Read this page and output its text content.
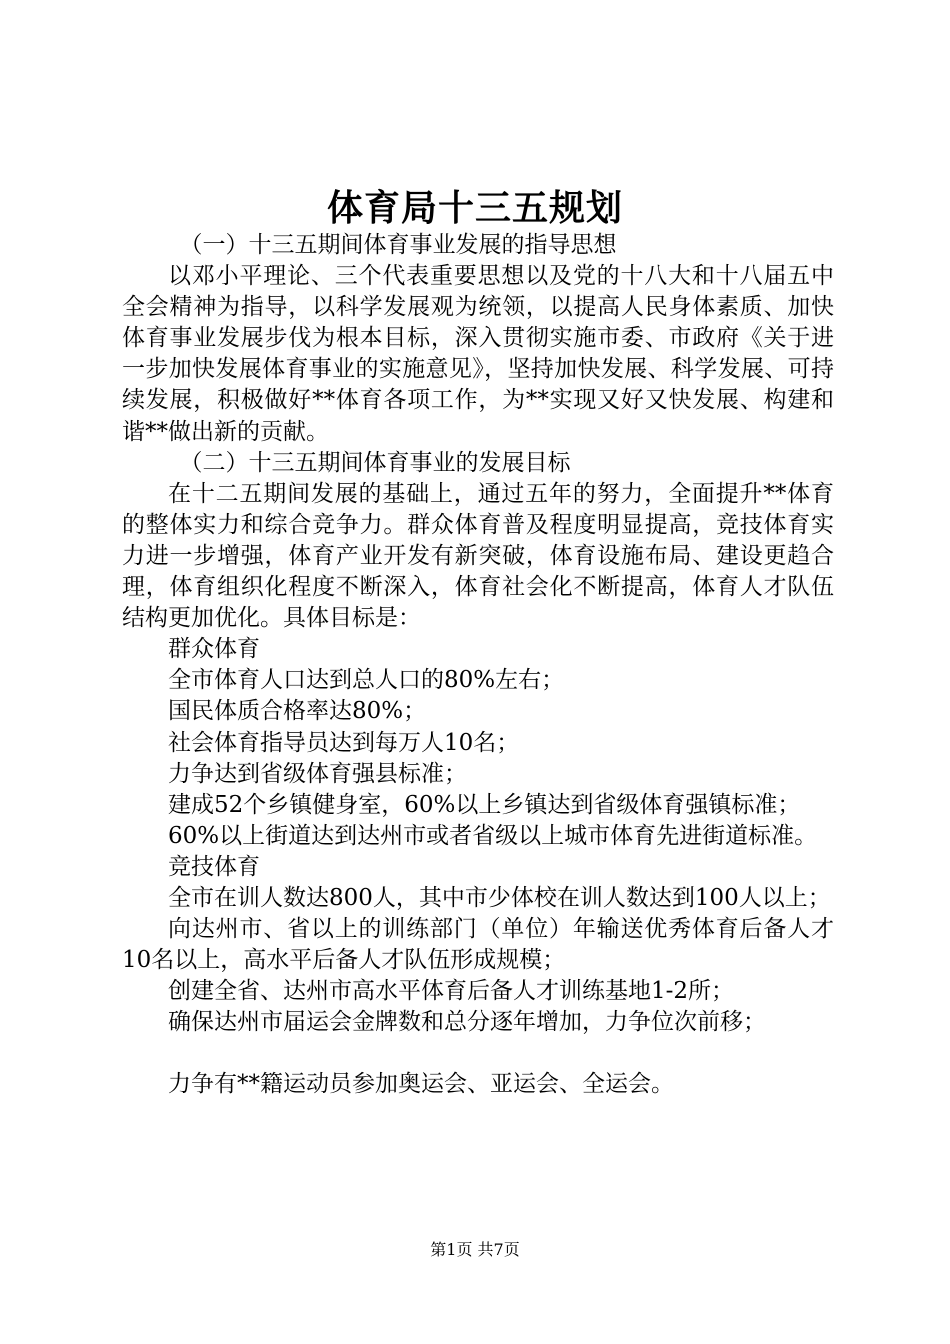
体育局十三五规划

（一）十三五期间体育事业发展的指导思想

以邓小平理论、三个代表重要思想以及党的十八大和十八届五中全会精神为指导，以科学发展观为统领，以提高人民身体素质、加快体育事业发展步伐为根本目标，深入贯彻实施市委、市政府《关于进一步加快发展体育事业的实施意见》，坚持加快发展、科学发展、可持续发展，积极做好**体育各项工作，为**实现又好又快发展、构建和谐**做出新的贡献。

（二）十三五期间体育事业的发展目标

在十二五期间发展的基础上，通过五年的努力，全面提升**体育的整体实力和综合竞争力。群众体育普及程度明显提高，竞技体育实力进一步增强，体育产业开发有新突破，体育设施布局、建设更趋合理，体育组织化程度不断深入，体育社会化不断提高，体育人才队伍结构更加优化。具体目标是：

群众体育

全市体育人口达到总人口的80%左右；

国民体质合格率达80%；

社会体育指导员达到每万人10名；

力争达到省级体育强县标准；

建成52个乡镇健身室，60%以上乡镇达到省级体育强镇标准；

60%以上街道达到达州市或者省级以上城市体育先进街道标准。

竞技体育

全市在训人数达800人，其中市少体校在训人数达到100人以上；

向达州市、省以上的训练部门（单位）年输送优秀体育后备人才10名以上，高水平后备人才队伍形成规模；

创建全省、达州市高水平体育后备人才训练基地1-2所；

确保达州市届运会金牌数和总分逐年增加，力争位次前移；

力争有**籍运动员参加奥运会、亚运会、全运会。

第1页 共7页
